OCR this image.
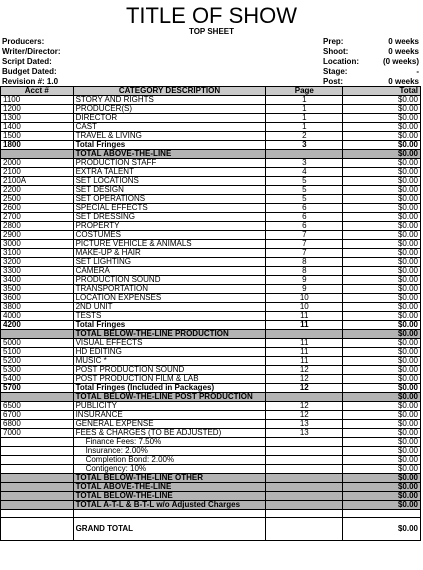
TITLE OF SHOW
TOP SHEET
Producers:
Writer/Director:
Script Dated:
Budget Dated:
Revision #: 1.0
Prep:	0 weeks
Shoot:	0 weeks
Location:	(0 weeks)
Stage:	-
Post:	0 weeks
Acct #	CATEGORY DESCRIPTION	Page	Total
1100	STORY AND RIGHTS	1	$0.00
1200	PRODUCER(S)	1	$0.00
1300	DIRECTOR	1	$0.00
1400	CAST	1	$0.00
1500	TRAVEL & LIVING	2	$0.00
1800	Total Fringes	3	$0.00
	TOTAL ABOVE-THE-LINE		$0.00
2000	PRODUCTION STAFF	3	$0.00
2100	EXTRA TALENT	4	$0.00
2100A	SET LOCATIONS	5	$0.00
2200	SET DESIGN	5	$0.00
2500	SET OPERATIONS	5	$0.00
2600	SPECIAL EFFECTS	6	$0.00
2700	SET DRESSING	6	$0.00
2800	PROPERTY	6	$0.00
2900	COSTUMES	7	$0.00
3000	PICTURE VEHICLE & ANIMALS	7	$0.00
3100	MAKE-UP & HAIR	7	$0.00
3200	SET LIGHTING	8	$0.00
3300	CAMERA	8	$0.00
3400	PRODUCTION SOUND	9	$0.00
3500	TRANSPORTATION	9	$0.00
3600	LOCATION EXPENSES	10	$0.00
3800	2ND UNIT	10	$0.00
4000	TESTS	11	$0.00
4200	Total Fringes	11	$0.00
	TOTAL BELOW-THE-LINE PRODUCTION		$0.00
5000	VISUAL EFFECTS	11	$0.00
5100	HD EDITING	11	$0.00
5200	MUSIC *	11	$0.00
5300	POST PRODUCTION SOUND	12	$0.00
5400	POST PRODUCTION FILM & LAB	12	$0.00
5700	Total Fringes (Included in Packages)	12	$0.00
	TOTAL BELOW-THE-LINE POST PRODUCTION		$0.00
6500	PUBLICITY	12	$0.00
6700	INSURANCE	12	$0.00
6800	GENERAL EXPENSE	13	$0.00
7000	FEES & CHARGES (TO BE ADJUSTED)	13	$0.00
	Finance Fees: 7.50%		$0.00
	Insurance: 2.00%		$0.00
	Completion Bond: 2.00%		$0.00
	Contigency: 10%		$0.00
	TOTAL BELOW-THE-LINE OTHER		$0.00
	TOTAL ABOVE-THE-LINE		$0.00
	TOTAL BELOW-THE-LINE		$0.00
	TOTAL A-T-L & B-T-L w/o Adjusted Charges		$0.00

	GRAND TOTAL		$0.00
